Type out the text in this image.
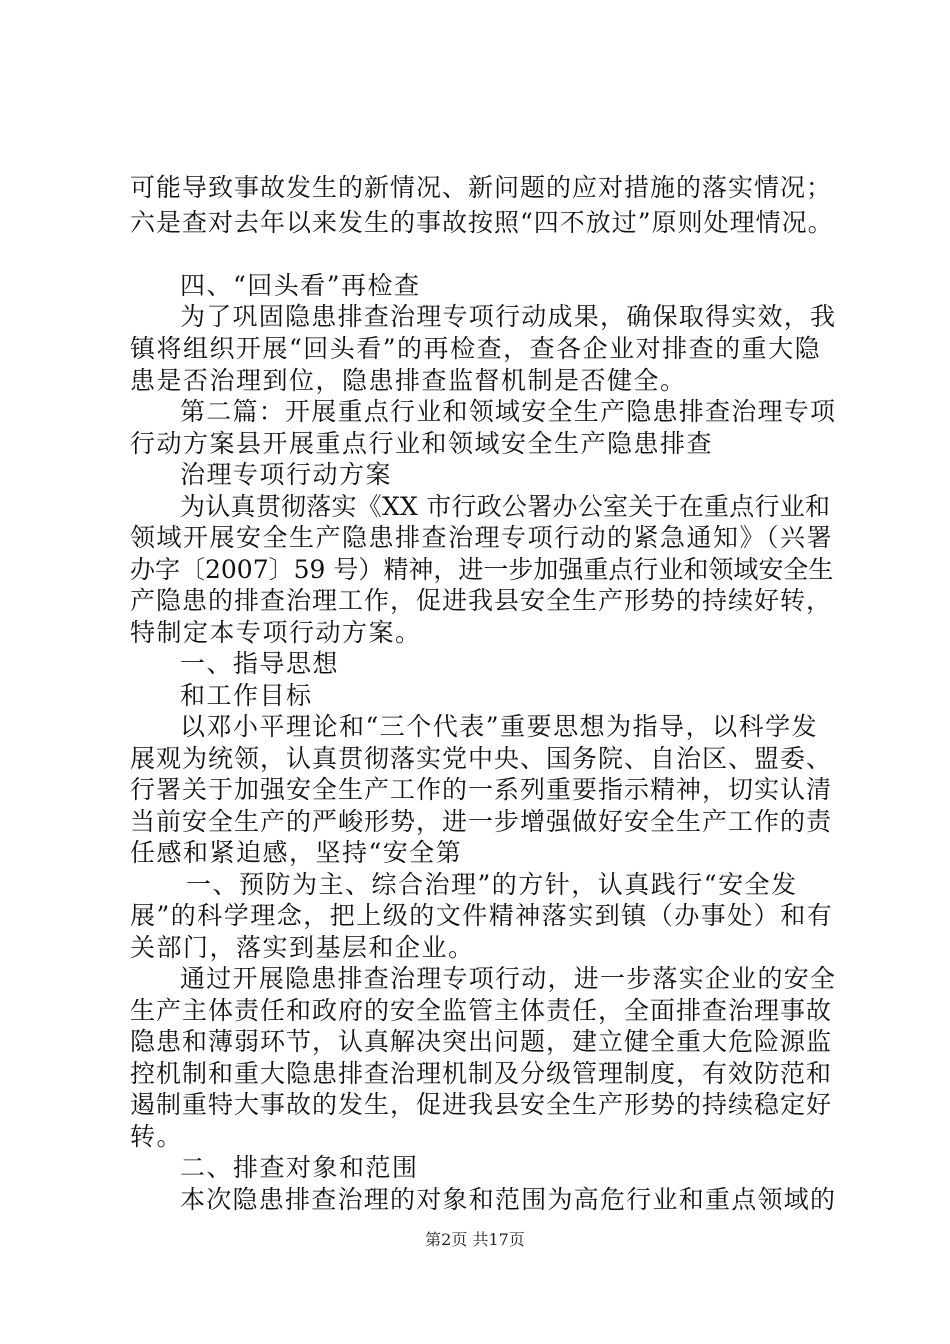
可能导致事故发生的新情况、新问题的应对措施的落实情况；
六是查对去年以来发生的事故按照“四不放过”原则处理情况。
四、“回头看”再检查
为了巩固隐患排查治理专项行动成果，确保取得实效，我
镇将组织开展“回头看”的再检查，查各企业对排查的重大隐
患是否治理到位，隐患排查监督机制是否健全。
第二篇：开展重点行业和领域安全生产隐患排查治理专项
行动方案县开展重点行业和领域安全生产隐患排查
治理专项行动方案
为认真贯彻落实《XX 市行政公署办公室关于在重点行业和
领域开展安全生产隐患排查治理专项行动的紧急通知》（兴署
办字〔2007〕59 号）精神，进一步加强重点行业和领域安全生
产隐患的排查治理工作，促进我县安全生产形势的持续好转，
特制定本专项行动方案。
一、指导思想
和工作目标
以邓小平理论和“三个代表”重要思想为指导，以科学发
展观为统领，认真贯彻落实党中央、国务院、自治区、盟委、
行署关于加强安全生产工作的一系列重要指示精神，切实认清
当前安全生产的严峻形势，进一步增强做好安全生产工作的责
任感和紧迫感，坚持“安全第
一、预防为主、综合治理”的方针，认真践行“安全发
展”的科学理念，把上级的文件精神落实到镇（办事处）和有
关部门，落实到基层和企业。
通过开展隐患排查治理专项行动，进一步落实企业的安全
生产主体责任和政府的安全监管主体责任，全面排查治理事故
隐患和薄弱环节，认真解决突出问题，建立健全重大危险源监
控机制和重大隐患排查治理机制及分级管理制度，有效防范和
遏制重特大事故的发生，促进我县安全生产形势的持续稳定好
转。
二、排查对象和范围
本次隐患排查治理的对象和范围为高危行业和重点领域的
第2页 共17页
